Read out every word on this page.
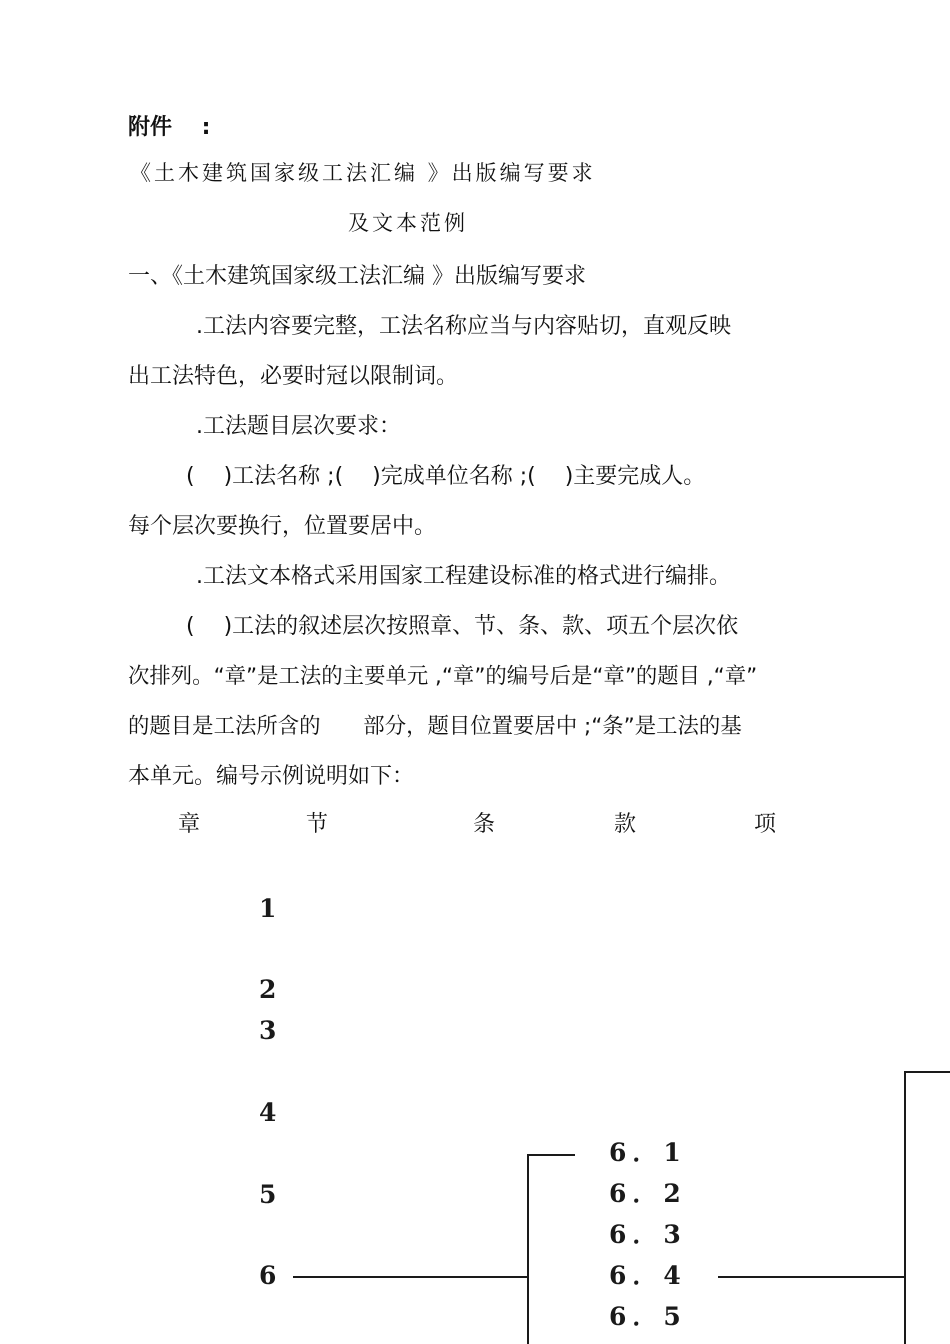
附件　 :
《土木建筑国家级工法汇编 》出版编写要求
及文本范例
一、《土木建筑国家级工法汇编 》出版编写要求
.工法内容要完整，工法名称应当与内容贴切，直观反映
出工法特色，必要时冠以限制词。
.工法题目层次要求：
(　 )工法名称 ;(　 )完成单位名称 ;(　 )主要完成人。
每个层次要换行，位置要居中。
.工法文本格式采用国家工程建设标准的格式进行编排。
(　 )工法的叙述层次按照章、节、条、款、项五个层次依
次排列。“章”是工法的主要单元 ,“章”的编号后是“章”的题目 ,“章”
的题目是工法所含的　　部分，题目位置要居中 ;“条”是工法的基
本单元。编号示例说明如下：
章	节	条	款	项
1
2
3
4
5
6
6．1
6．2
6．3
6．4
6．5
